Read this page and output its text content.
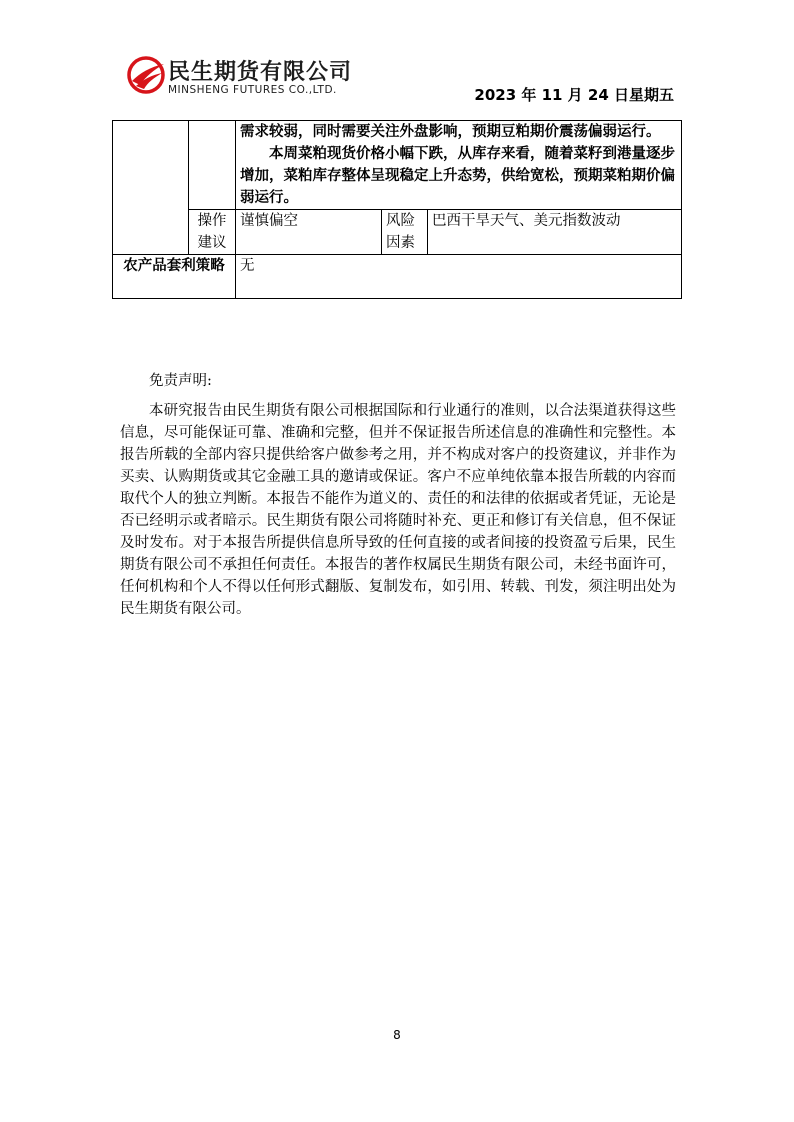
民生期货有限公司
MINSHENG FUTURES CO.,LTD.	2023 年 11 月 24 日星期五

		需求较弱，同时需要关注外盘影响，预期豆粕期价震荡偏弱运行。
本周菜粕现货价格小幅下跌，从库存来看，随着菜籽到港量逐步增加，菜粕库存整体呈现稳定上升态势，供给宽松，预期菜粕期价偏弱运行。		

	操作建议	谨慎偏空	风险因素	巴西干旱天气、美元指数波动
农产品套利策略		无		

免责声明:

本研究报告由民生期货有限公司根据国际和行业通行的准则，以合法渠道获得这些信息，尽可能保证可靠、准确和完整，但并不保证报告所述信息的准确性和完整性。本报告所载的全部内容只提供给客户做参考之用，并不构成对客户的投资建议，并非作为买卖、认购期货或其它金融工具的邀请或保证。客户不应单纯依靠本报告所载的内容而取代个人的独立判断。本报告不能作为道义的、责任的和法律的依据或者凭证，无论是否已经明示或者暗示。民生期货有限公司将随时补充、更正和修订有关信息，但不保证及时发布。对于本报告所提供信息所导致的任何直接的或者间接的投资盈亏后果，民生期货有限公司不承担任何责任。本报告的著作权属民生期货有限公司，未经书面许可，任何机构和个人不得以任何形式翻版、复制发布，如引用、转载、刊发，须注明出处为民生期货有限公司。

8
